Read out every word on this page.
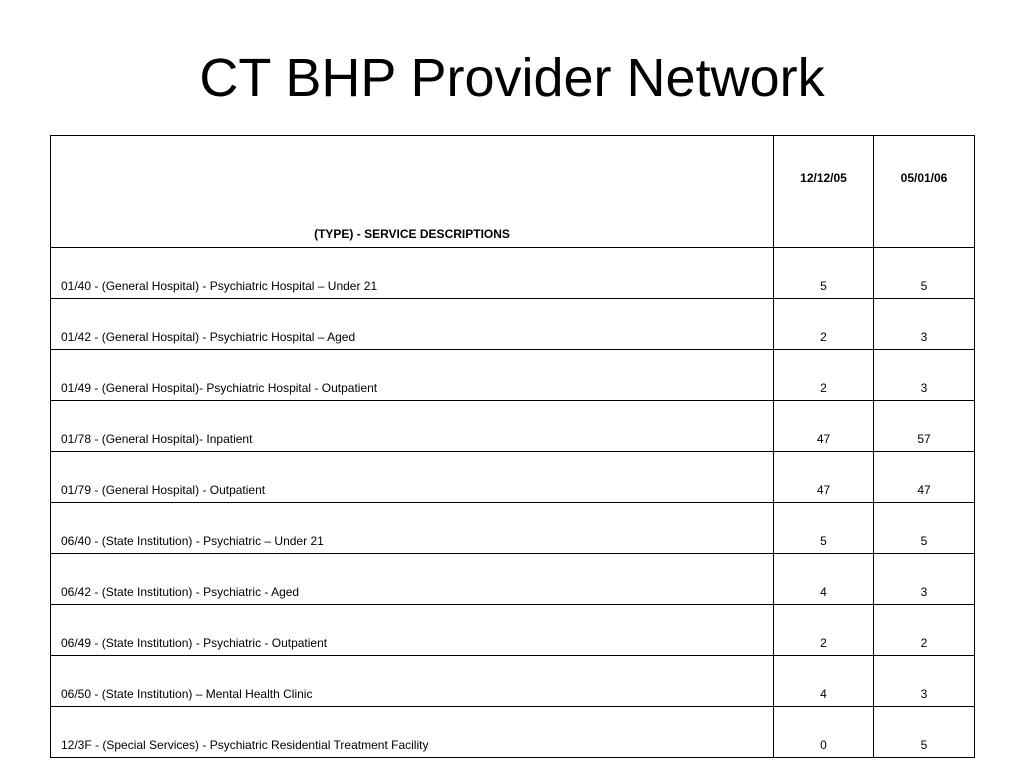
CT BHP Provider Network
(TYPE) - SERVICE DESCRIPTIONS	12/12/05	05/01/06
01/40 - (General Hospital) - Psychiatric Hospital – Under 21	5	5
01/42 - (General Hospital) - Psychiatric Hospital – Aged	2	3
01/49 - (General Hospital)- Psychiatric Hospital - Outpatient	2	3
01/78 - (General Hospital)- Inpatient	47	57
01/79 - (General Hospital) - Outpatient	47	47
06/40 - (State Institution) - Psychiatric – Under 21	5	5
06/42 - (State Institution) - Psychiatric - Aged	4	3
06/49 - (State Institution) - Psychiatric - Outpatient	2	2
06/50 - (State Institution) – Mental Health Clinic	4	3
12/3F - (Special Services) - Psychiatric Residential Treatment Facility	0	5
